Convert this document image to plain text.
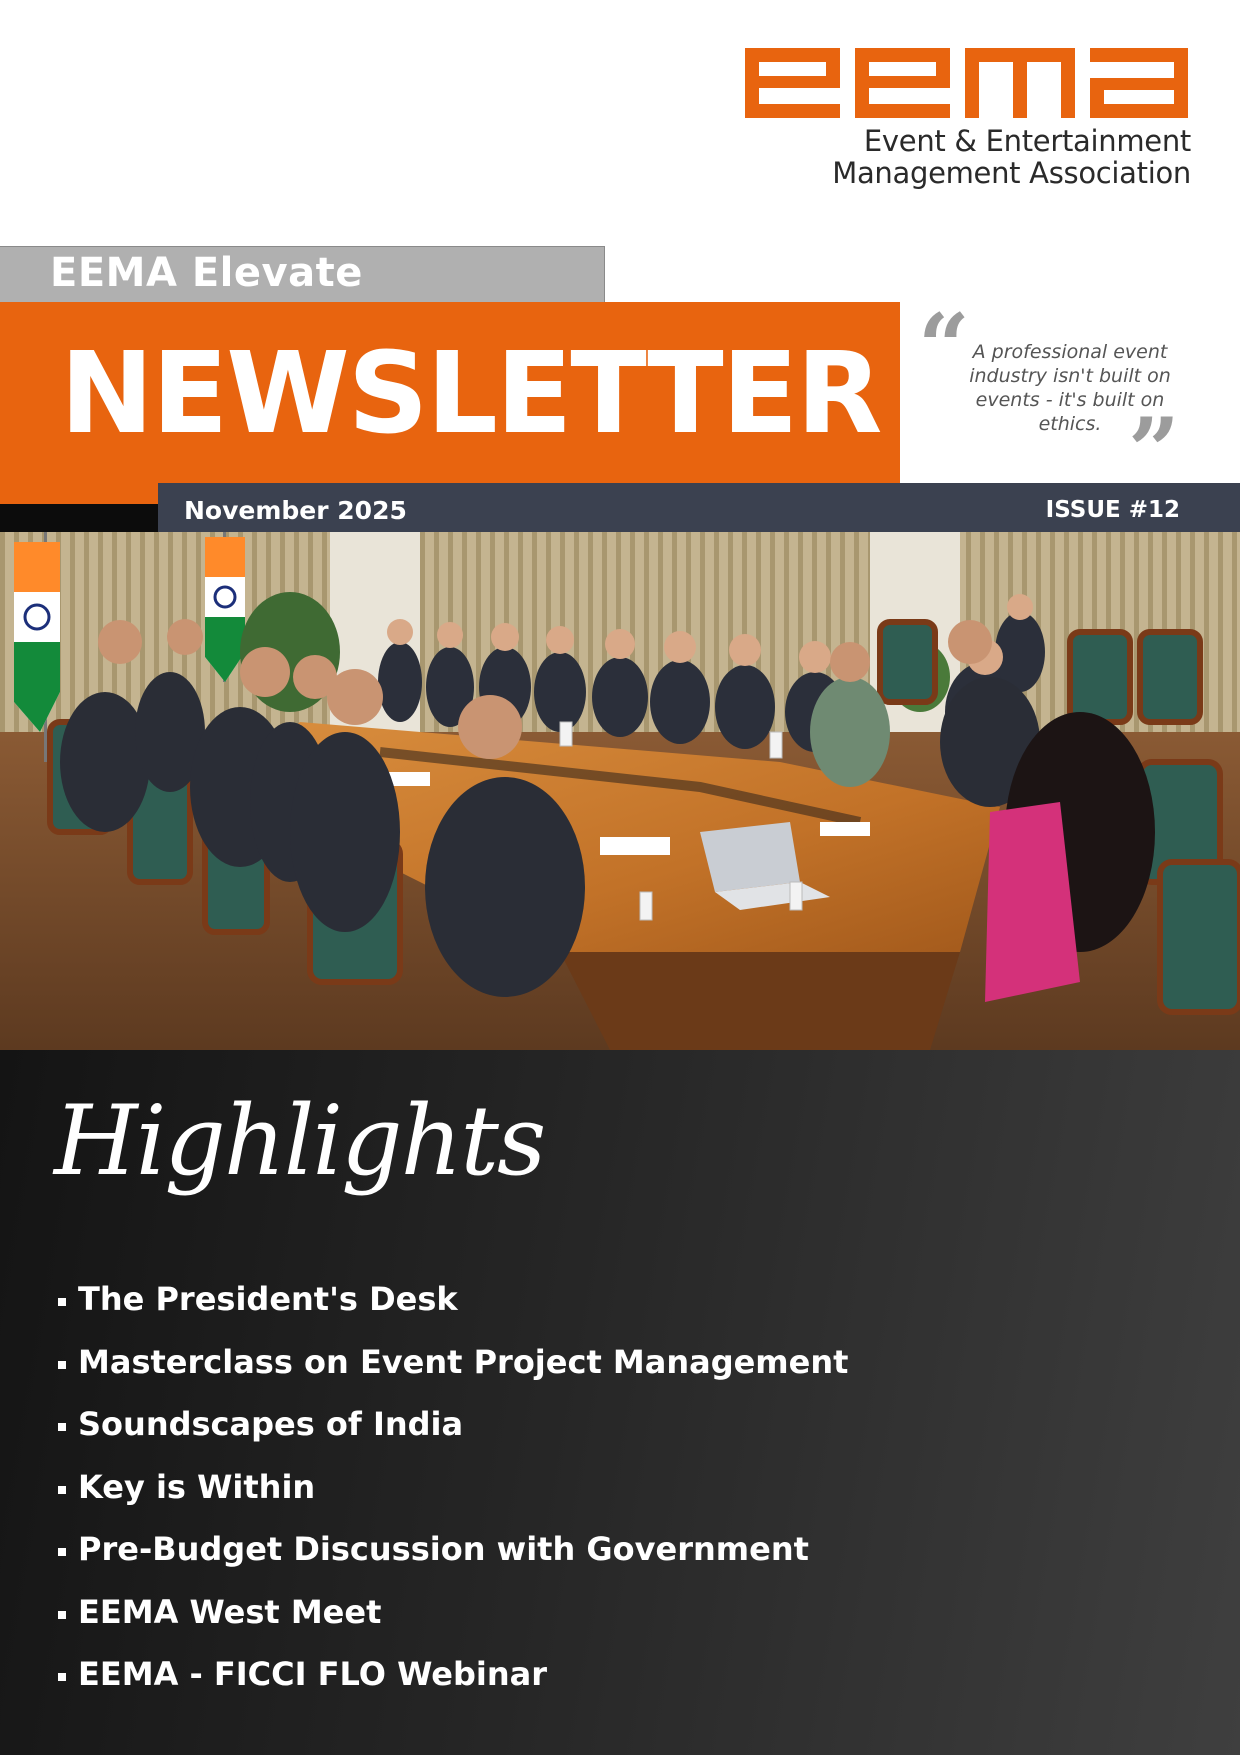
Event & Entertainment
Management Association
EEMA Elevate
NEWSLETTER
November 2025	ISSUE #12
“ A professional event industry isn't built on events - it's built on ethics. ”
Highlights
The President's Desk
Masterclass on Event Project Management
Soundscapes of India
Key is Within
Pre-Budget Discussion with Government
EEMA West Meet
EEMA - FICCI FLO Webinar
